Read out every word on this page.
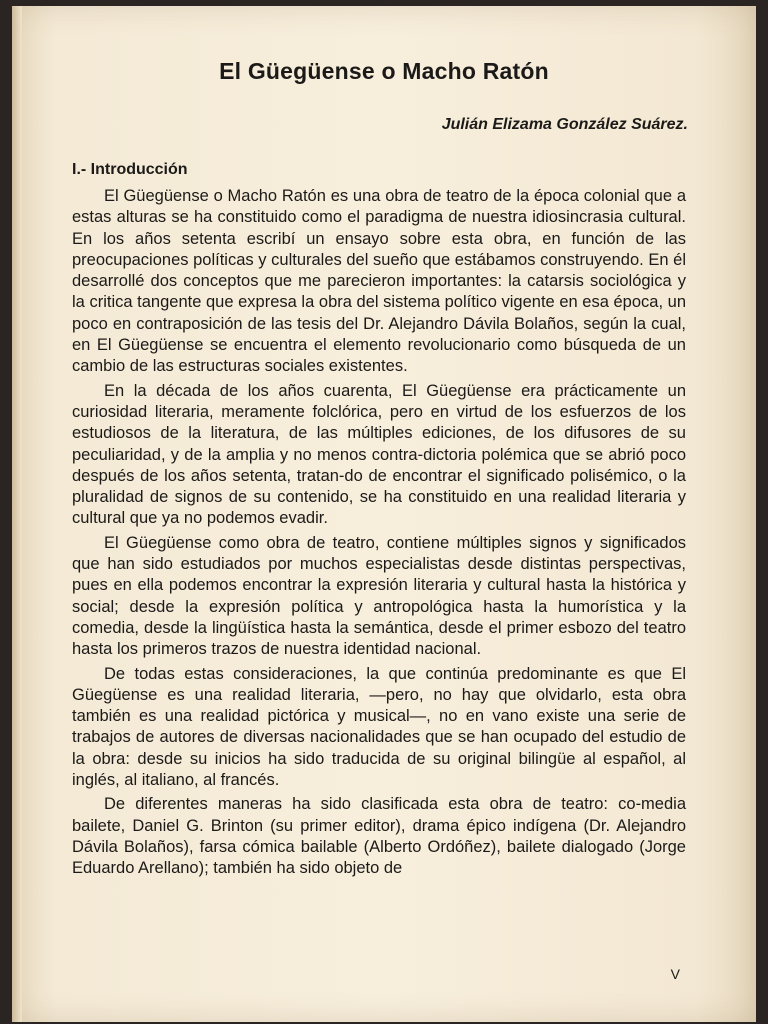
El Güegüense o Macho Ratón
Julián Elizama González Suárez.
I.- Introducción

El Güegüense o Macho Ratón es una obra de teatro de la época colonial que a estas alturas se ha constituido como el paradigma de nuestra idiosincrasia cultural. En los años setenta escribí un ensayo sobre esta obra, en función de las preocupaciones políticas y culturales del sueño que estábamos construyendo. En él desarrollé dos conceptos que me parecieron importantes: la catarsis sociológica y la critica tangente que expresa la obra del sistema político vigente en esa época, un poco en contraposición de las tesis del Dr. Alejandro Dávila Bolaños, según la cual, en El Güegüense se encuentra el elemento revolucionario como búsqueda de un cambio de las estructuras sociales existentes.

En la década de los años cuarenta, El Güegüense era prácticamente un curiosidad literaria, meramente folclórica, pero en virtud de los esfuerzos de los estudiosos de la literatura, de las múltiples ediciones, de los difusores de su peculiaridad, y de la amplia y no menos contra-dictoria polémica que se abrió poco después de los años setenta, tratan-do de encontrar el significado polisémico, o la pluralidad de signos de su contenido, se ha constituido en una realidad literaria y cultural que ya no podemos evadir.

El Güegüense como obra de teatro, contiene múltiples signos y significados que han sido estudiados por muchos especialistas desde distintas perspectivas, pues en ella podemos encontrar la expresión literaria y cultural hasta la histórica y social; desde la expresión política y antropológica hasta la humorística y la comedia, desde la lingüística hasta la semántica, desde el primer esbozo del teatro hasta los primeros trazos de nuestra identidad nacional.

De todas estas consideraciones, la que continúa predominante es que El Güegüense es una realidad literaria, —pero, no hay que olvidarlo, esta obra también es una realidad pictórica y musical—, no en vano existe una serie de trabajos de autores de diversas nacionalidades que se han ocupado del estudio de la obra: desde su inicios ha sido traducida de su original bilingüe al español, al inglés, al italiano, al francés.

De diferentes maneras ha sido clasificada esta obra de teatro: co-media bailete, Daniel G. Brinton (su primer editor), drama épico indígena (Dr. Alejandro Dávila Bolaños), farsa cómica bailable (Alberto Ordóñez), bailete dialogado (Jorge Eduardo Arellano); también ha sido objeto de

V
